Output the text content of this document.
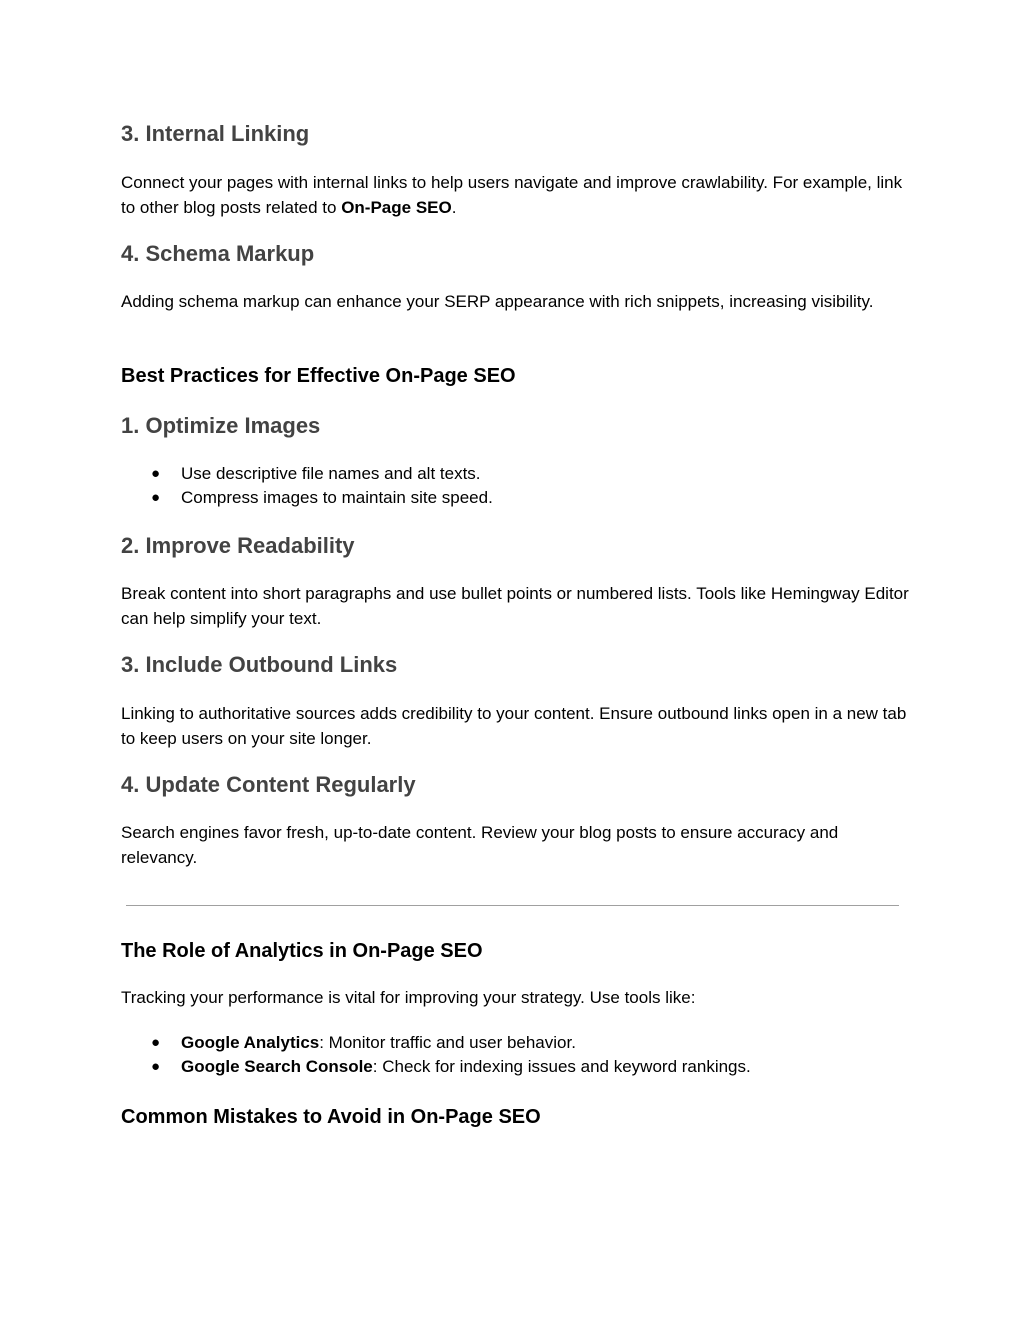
3. Internal Linking

Connect your pages with internal links to help users navigate and improve crawlability. For example, link to other blog posts related to On-Page SEO.

4. Schema Markup

Adding schema markup can enhance your SERP appearance with rich snippets, increasing visibility.

Best Practices for Effective On-Page SEO
1. Optimize Images
● Use descriptive file names and alt texts.
● Compress images to maintain site speed.
2. Improve Readability

Break content into short paragraphs and use bullet points or numbered lists. Tools like Hemingway Editor can help simplify your text.

3. Include Outbound Links

Linking to authoritative sources adds credibility to your content. Ensure outbound links open in a new tab to keep users on your site longer.

4. Update Content Regularly

Search engines favor fresh, up-to-date content. Review your blog posts to ensure accuracy and relevancy.

The Role of Analytics in On-Page SEO

Tracking your performance is vital for improving your strategy. Use tools like:

● Google Analytics: Monitor traffic and user behavior.
● Google Search Console: Check for indexing issues and keyword rankings.
Common Mistakes to Avoid in On-Page SEO
